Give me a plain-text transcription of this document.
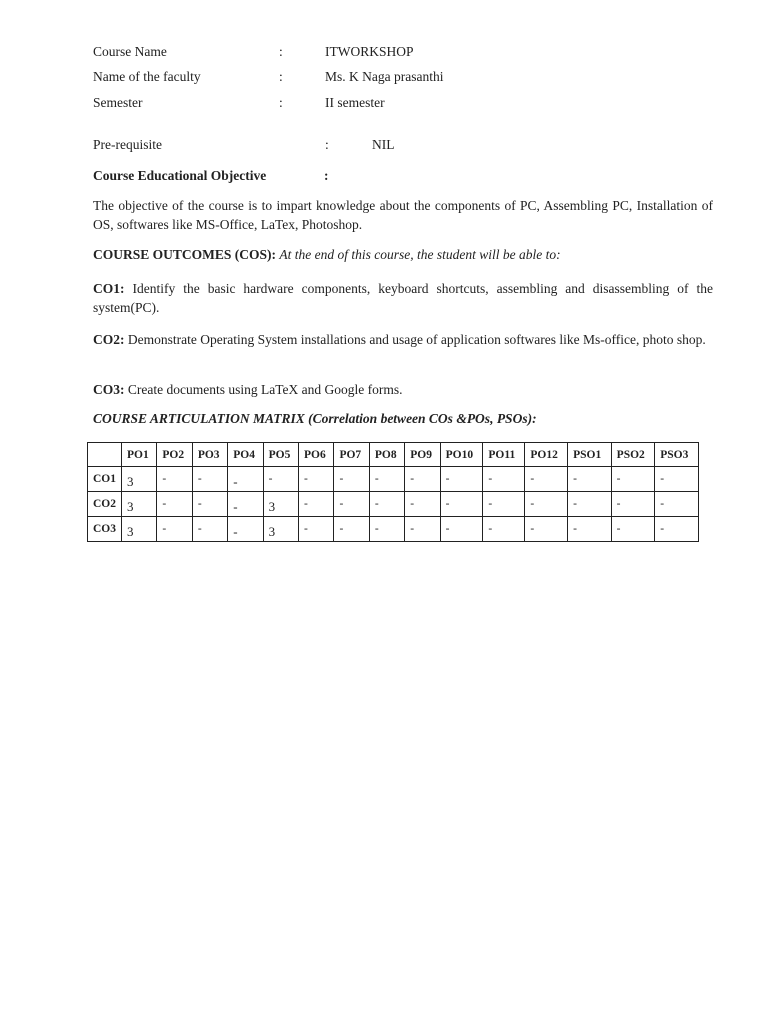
Course Name	:	ITWORKSHOP
Name of the faculty	:	Ms. K Naga prasanthi
Semester	:	II semester
Pre-requisite	:	NIL
Course Educational Objective	:
The objective of the course is to impart knowledge about the components of PC, Assembling PC, Installation of OS, softwares like MS-Office, LaTex, Photoshop.
COURSE OUTCOMES (COS): At the end of this course, the student will be able to:
CO1: Identify the basic hardware components, keyboard shortcuts, assembling and disassembling of the system(PC).
CO2: Demonstrate Operating System installations and usage of application softwares like Ms-office, photo shop.
CO3: Create documents using LaTeX and Google forms.
COURSE ARTICULATION MATRIX (Correlation between COs &POs, PSOs):
	PO1	PO2	PO3	PO4	PO5	PO6	PO7	PO8	PO9	PO10	PO11	PO12	PSO1	PSO2	PSO3
CO1	3	-	-	-	-	-	-	-	-	-	-	-	-	-	-
CO2	3	-	-	-	3	-	-	-	-	-	-	-	-	-	-
CO3	3	-	-	-	3	-	-	-	-	-	-	-	-	-	-
